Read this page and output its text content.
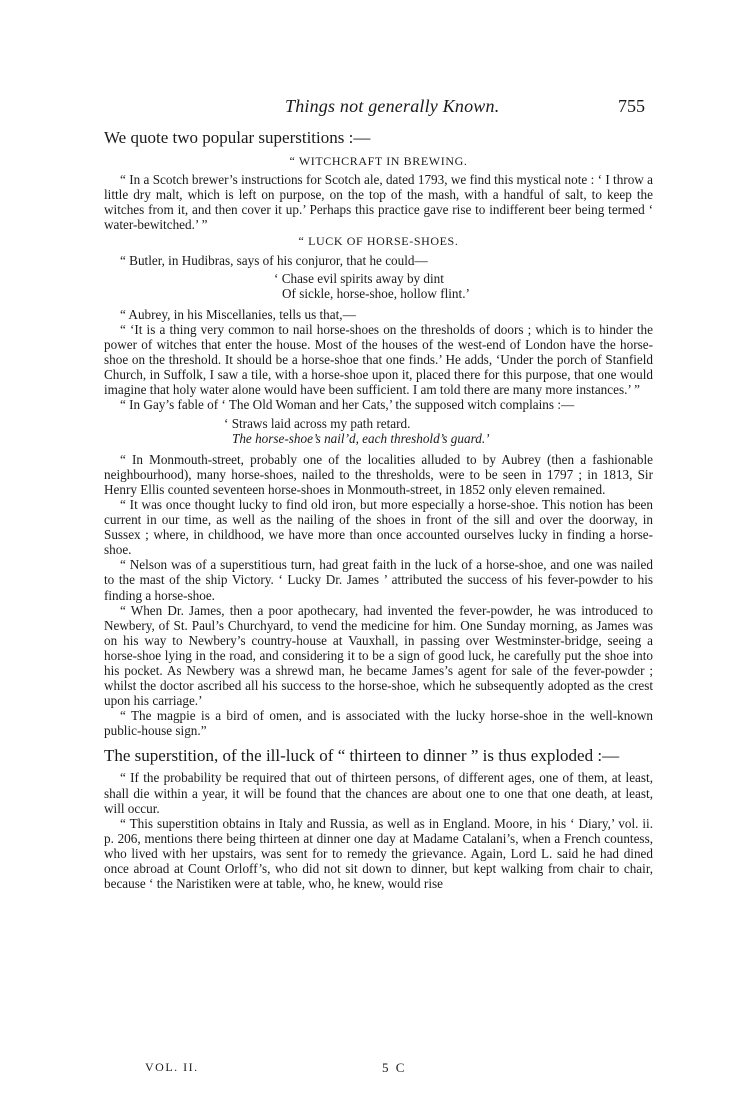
Things not generally Known.	755

We quote two popular superstitions :—

“ WITCHCRAFT IN BREWING.

“ In a Scotch brewer’s instructions for Scotch ale, dated 1793, we find this mystical note : ‘ I throw a little dry malt, which is left on purpose, on the top of the mash, with a handful of salt, to keep the witches from it, and then cover it up.’ Perhaps this practice gave rise to indifferent beer being termed ‘ water-bewitched.’ ”

“ LUCK OF HORSE-SHOES.

“ Butler, in Hudibras, says of his conjuror, that he could—

‘ Chase evil spirits away by dint
Of sickle, horse-shoe, hollow flint.’

“ Aubrey, in his Miscellanies, tells us that,—

“ ‘It is a thing very common to nail horse-shoes on the thresholds of doors ; which is to hinder the power of witches that enter the house. Most of the houses of the west-end of London have the horse-shoe on the threshold. It should be a horse-shoe that one finds.’ He adds, ‘Under the porch of Stanfield Church, in Suffolk, I saw a tile, with a horse-shoe upon it, placed there for this purpose, that one would imagine that holy water alone would have been sufficient. I am told there are many more instances.’ ”

“ In Gay’s fable of ‘ The Old Woman and her Cats,’ the supposed witch complains :—

‘ Straws laid across my path retard.
The horse-shoe’s nail’d, each threshold’s guard.’

“ In Monmouth-street, probably one of the localities alluded to by Aubrey (then a fashionable neighbourhood), many horse-shoes, nailed to the thresholds, were to be seen in 1797 ; in 1813, Sir Henry Ellis counted seventeen horse-shoes in Monmouth-street, in 1852 only eleven remained.

“ It was once thought lucky to find old iron, but more especially a horse-shoe. This notion has been current in our time, as well as the nailing of the shoes in front of the sill and over the doorway, in Sussex ; where, in childhood, we have more than once accounted ourselves lucky in finding a horse-shoe.

“ Nelson was of a superstitious turn, had great faith in the luck of a horse-shoe, and one was nailed to the mast of the ship Victory. ‘ Lucky Dr. James ’ attributed the success of his fever-powder to his finding a horse-shoe.

“ When Dr. James, then a poor apothecary, had invented the fever-powder, he was introduced to Newbery, of St. Paul’s Churchyard, to vend the medicine for him. One Sunday morning, as James was on his way to Newbery’s country-house at Vauxhall, in passing over Westminster-bridge, seeing a horse-shoe lying in the road, and considering it to be a sign of good luck, he carefully put the shoe into his pocket. As Newbery was a shrewd man, he became James’s agent for sale of the fever-powder ; whilst the doctor ascribed all his success to the horse-shoe, which he subsequently adopted as the crest upon his carriage.’

“ The magpie is a bird of omen, and is associated with the lucky horse-shoe in the well-known public-house sign.”

The superstition, of the ill-luck of “ thirteen to dinner ” is thus exploded :—

“ If the probability be required that out of thirteen persons, of different ages, one of them, at least, shall die within a year, it will be found that the chances are about one to one that one death, at least, will occur.

“ This superstition obtains in Italy and Russia, as well as in England. Moore, in his ‘ Diary,’ vol. ii. p. 206, mentions there being thirteen at dinner one day at Madame Catalani’s, when a French countess, who lived with her upstairs, was sent for to remedy the grievance. Again, Lord L. said he had dined once abroad at Count Orloff’s, who did not sit down to dinner, but kept walking from chair to chair, because ‘ the Naristiken were at table, who, he knew, would rise

VOL. II.	5 C
